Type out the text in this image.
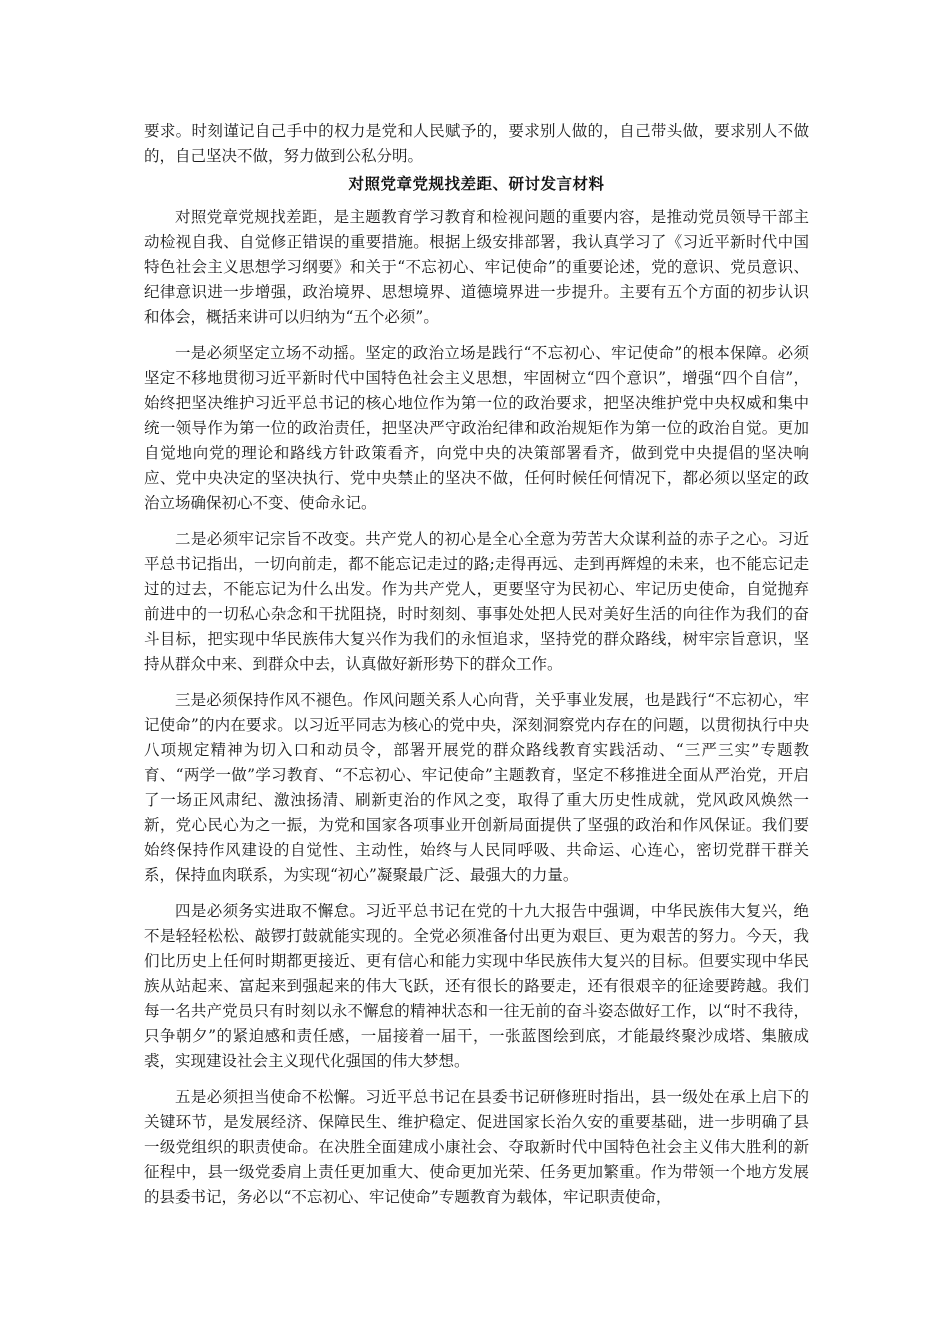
要求。时刻谨记自己手中的权力是党和人民赋予的，要求别人做的，自己带头做，要求别人不做的，自己坚决不做，努力做到公私分明。

对照党章党规找差距、研讨发言材料

对照党章党规找差距，是主题教育学习教育和检视问题的重要内容，是推动党员领导干部主动检视自我、自觉修正错误的重要措施。根据上级安排部署，我认真学习了《习近平新时代中国特色社会主义思想学习纲要》和关于“不忘初心、牢记使命”的重要论述，党的意识、党员意识、纪律意识进一步增强，政治境界、思想境界、道德境界进一步提升。主要有五个方面的初步认识和体会，概括来讲可以归纳为“五个必须”。

一是必须坚定立场不动摇。坚定的政治立场是践行“不忘初心、牢记使命”的根本保障。必须坚定不移地贯彻习近平新时代中国特色社会主义思想，牢固树立“四个意识”，增强“四个自信”，始终把坚决维护习近平总书记的核心地位作为第一位的政治要求，把坚决维护党中央权威和集中统一领导作为第一位的政治责任，把坚决严守政治纪律和政治规矩作为第一位的政治自觉。更加自觉地向党的理论和路线方针政策看齐，向党中央的决策部署看齐，做到党中央提倡的坚决响应、党中央决定的坚决执行、党中央禁止的坚决不做，任何时候任何情况下，都必须以坚定的政治立场确保初心不变、使命永记。

二是必须牢记宗旨不改变。共产党人的初心是全心全意为劳苦大众谋利益的赤子之心。习近平总书记指出，一切向前走，都不能忘记走过的路;走得再远、走到再辉煌的未来，也不能忘记走过的过去，不能忘记为什么出发。作为共产党人，更要坚守为民初心、牢记历史使命，自觉抛弃前进中的一切私心杂念和干扰阻挠，时时刻刻、事事处处把人民对美好生活的向往作为我们的奋斗目标，把实现中华民族伟大复兴作为我们的永恒追求，坚持党的群众路线，树牢宗旨意识，坚持从群众中来、到群众中去，认真做好新形势下的群众工作。

三是必须保持作风不褪色。作风问题关系人心向背，关乎事业发展，也是践行“不忘初心，牢记使命”的内在要求。以习近平同志为核心的党中央，深刻洞察党内存在的问题，以贯彻执行中央八项规定精神为切入口和动员令，部署开展党的群众路线教育实践活动、“三严三实”专题教育、“两学一做”学习教育、“不忘初心、牢记使命”主题教育，坚定不移推进全面从严治党，开启了一场正风肃纪、激浊扬清、刷新吏治的作风之变，取得了重大历史性成就，党风政风焕然一新，党心民心为之一振，为党和国家各项事业开创新局面提供了坚强的政治和作风保证。我们要始终保持作风建设的自觉性、主动性，始终与人民同呼吸、共命运、心连心，密切党群干群关系，保持血肉联系，为实现“初心”凝聚最广泛、最强大的力量。

四是必须务实进取不懈怠。习近平总书记在党的十九大报告中强调，中华民族伟大复兴，绝不是轻轻松松、敲锣打鼓就能实现的。全党必须准备付出更为艰巨、更为艰苦的努力。今天，我们比历史上任何时期都更接近、更有信心和能力实现中华民族伟大复兴的目标。但要实现中华民族从站起来、富起来到强起来的伟大飞跃，还有很长的路要走，还有很艰辛的征途要跨越。我们每一名共产党员只有时刻以永不懈怠的精神状态和一往无前的奋斗姿态做好工作，以“时不我待，只争朝夕”的紧迫感和责任感，一届接着一届干，一张蓝图绘到底，才能最终聚沙成塔、集腋成裘，实现建设社会主义现代化强国的伟大梦想。

五是必须担当使命不松懈。习近平总书记在县委书记研修班时指出，县一级处在承上启下的关键环节，是发展经济、保障民生、维护稳定、促进国家长治久安的重要基础，进一步明确了县一级党组织的职责使命。在决胜全面建成小康社会、夺取新时代中国特色社会主义伟大胜利的新征程中，县一级党委肩上责任更加重大、使命更加光荣、任务更加繁重。作为带领一个地方发展的县委书记，务必以“不忘初心、牢记使命”专题教育为载体，牢记职责使命，
